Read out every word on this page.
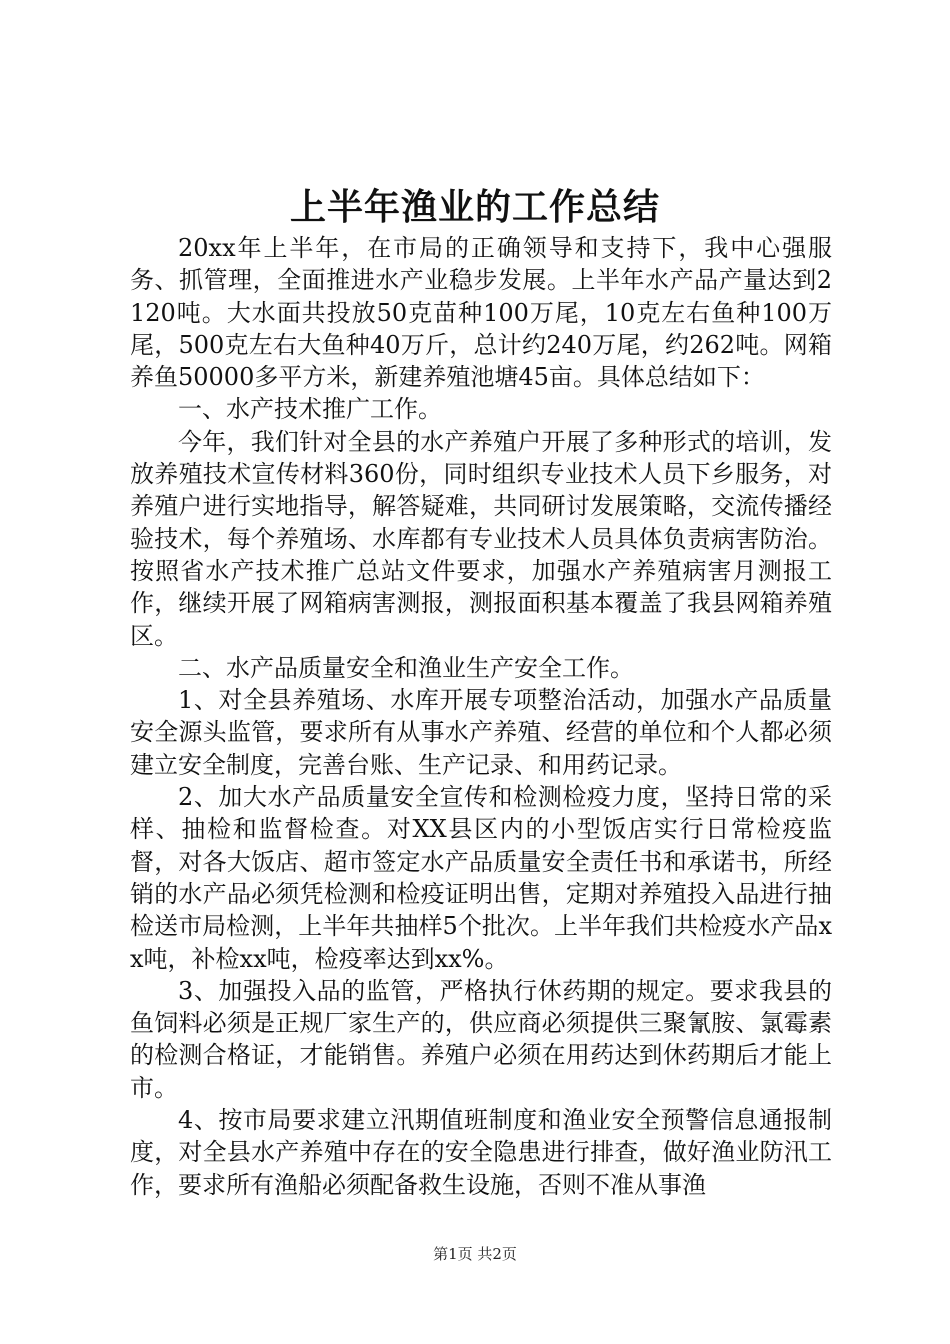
上半年渔业的工作总结

20xx年上半年，在市局的正确领导和支持下，我中心强服务、抓管理，全面推进水产业稳步发展。上半年水产品产量达到2120吨。大水面共投放50克苗种100万尾，10克左右鱼种100万尾，500克左右大鱼种40万斤，总计约240万尾，约262吨。网箱养鱼50000多平方米，新建养殖池塘45亩。具体总结如下：

一、水产技术推广工作。

今年，我们针对全县的水产养殖户开展了多种形式的培训，发放养殖技术宣传材料360份，同时组织专业技术人员下乡服务，对养殖户进行实地指导，解答疑难，共同研讨发展策略，交流传播经验技术，每个养殖场、水库都有专业技术人员具体负责病害防治。按照省水产技术推广总站文件要求，加强水产养殖病害月测报工作，继续开展了网箱病害测报，测报面积基本覆盖了我县网箱养殖区。

二、水产品质量安全和渔业生产安全工作。

1、对全县养殖场、水库开展专项整治活动，加强水产品质量安全源头监管，要求所有从事水产养殖、经营的单位和个人都必须建立安全制度，完善台账、生产记录、和用药记录。

2、加大水产品质量安全宣传和检测检疫力度，坚持日常的采样、抽检和监督检查。对XX县区内的小型饭店实行日常检疫监督，对各大饭店、超市签定水产品质量安全责任书和承诺书，所经销的水产品必须凭检测和检疫证明出售，定期对养殖投入品进行抽检送市局检测，上半年共抽样5个批次。上半年我们共检疫水产品xx吨，补检xx吨，检疫率达到xx%。

3、加强投入品的监管，严格执行休药期的规定。要求我县的鱼饲料必须是正规厂家生产的，供应商必须提供三聚氰胺、氯霉素的检测合格证，才能销售。养殖户必须在用药达到休药期后才能上市。

4、按市局要求建立汛期值班制度和渔业安全预警信息通报制度，对全县水产养殖中存在的安全隐患进行排查，做好渔业防汛工作，要求所有渔船必须配备救生设施，否则不准从事渔

第1页 共2页
